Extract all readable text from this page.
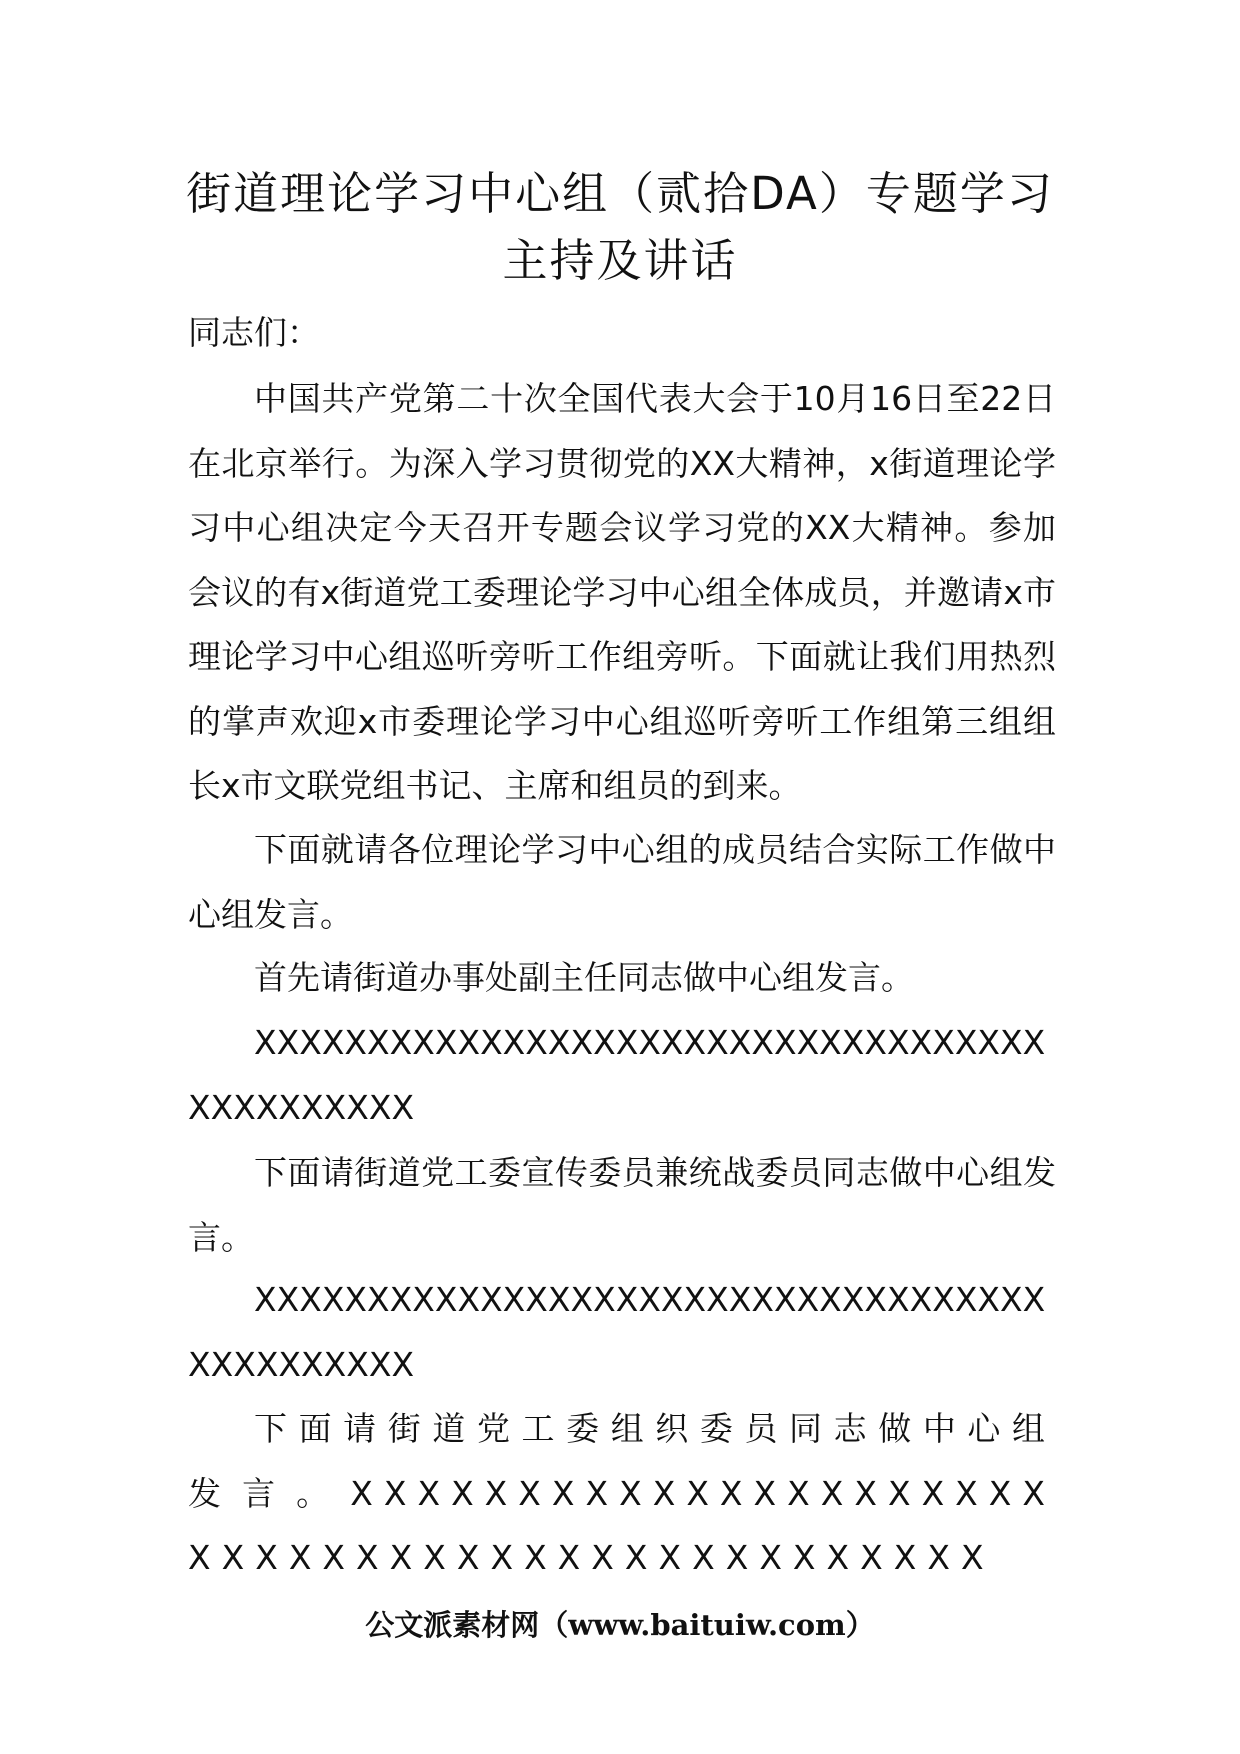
街道理论学习中心组（贰拾DA）专题学习
主持及讲话

同志们：

中国共产党第二十次全国代表大会于10月16日至22日在北京举行。为深入学习贯彻党的XX大精神，x街道理论学习中心组决定今天召开专题会议学习党的XX大精神。参加会议的有x街道党工委理论学习中心组全体成员，并邀请x市理论学习中心组巡听旁听工作组旁听。下面就让我们用热烈的掌声欢迎x市委理论学习中心组巡听旁听工作组第三组组长x市文联党组书记、主席和组员的到来。

下面就请各位理论学习中心组的成员结合实际工作做中心组发言。

首先请街道办事处副主任同志做中心组发言。

XXXXXXXXXXXXXXXXXXXXXXXXXXXXXXXXXXXXXXXXXXXXX

下面请街道党工委宣传委员兼统战委员同志做中心组发言。

XXXXXXXXXXXXXXXXXXXXXXXXXXXXXXXXXXXXXXXXXXXXX

下面请街道党工委组织委员同志做中心组发言。XXXXXXXXXXXXXXXXXXXXXXXXXXXXXXXXXXXXXXXXXXXXX

公文派素材网（www.baituiw.com）
